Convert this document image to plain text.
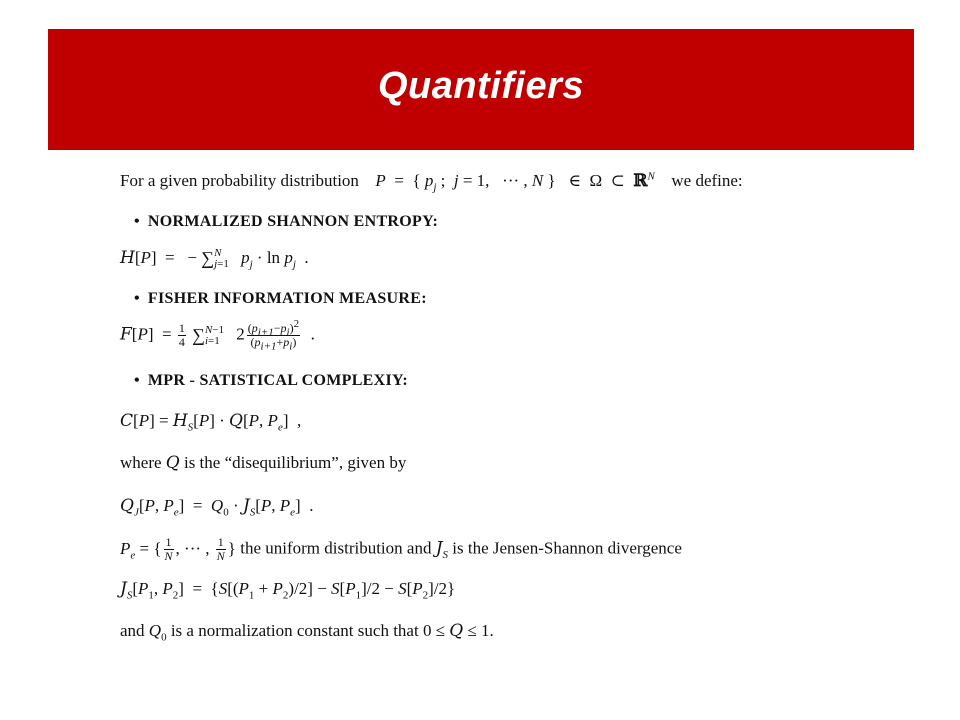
Quantifiers
For a given probability distribution P  =  { $p_j$ ;  j = 1,   ··· , N }   ∈  Ω  ⊂  ℝ$^N$ we define:
• NORMALIZED SHANNON ENTROPY:
H[P]  =   − ∑ N
j=1 $p_j \cdot \ln p_j$  .
• FISHER INFORMATION MEASURE:
$F[P] = \frac{1}{4}$ ∑ N−1
i=1 $2 \frac{(p_{i+1}-p_i)^2}{(p_{i+1}+p_i)}$ .
• MPR - SATISTICAL COMPLEXIY:
$C[P] = H_S[P] \cdot Q[P$, $P_e$]  ,
where Q is the “disequilibrium”, given by
$Q_J[P$, $P_e] = Q_0 \cdot J_S[P$, $P_e$]  .
$P_e$ = { $\frac{1}{N}$ , ··· , $\frac{1}{N}$ } the uniform distribution and $J_S$ is the Jensen-Shannon divergence
$J_S[P_1$, $P_2] = \{S[(P_1 + P_2)/2] - S[P_1]/2 - S[P_2]/2\}$
and $Q_0$ is a normalization constant such that 0 ≤ Q ≤ 1.
